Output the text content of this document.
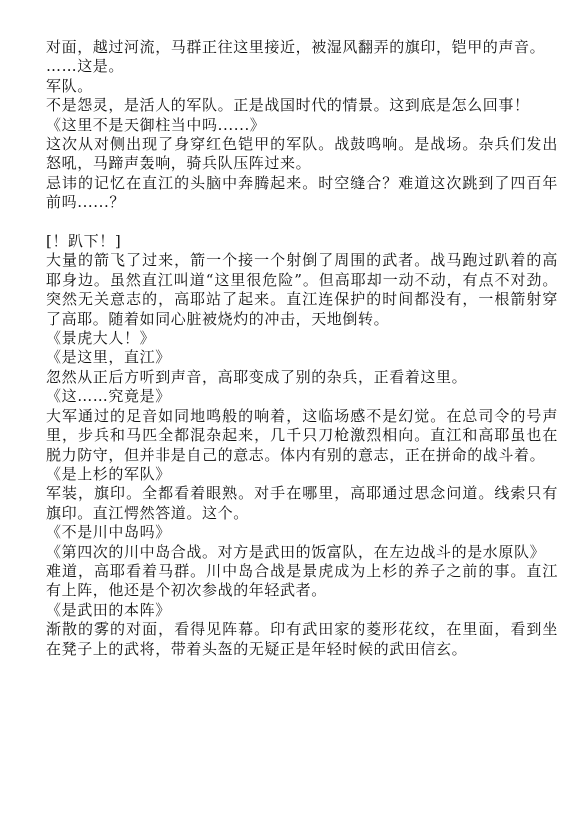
对面，越过河流，马群正往这里接近，被湿风翻弄的旗印，铠甲的声音。

……这是。

军队。

不是怨灵，是活人的军队。正是战国时代的情景。这到底是怎么回事！

《这里不是天御柱当中吗......》

这次从对侧出现了身穿红色铠甲的军队。战鼓鸣响。是战场。杂兵们发出怒吼，马蹄声轰响，骑兵队压阵过来。

忌讳的记忆在直江的头脑中奔腾起来。时空缝合？难道这次跳到了四百年前吗......？

[！趴下！]

大量的箭飞了过来，箭一个接一个射倒了周围的武者。战马跑过趴着的高耶身边。虽然直江叫道“这里很危险”。但高耶却一动不动，有点不对劲。突然无关意志的，高耶站了起来。直江连保护的时间都没有，一根箭射穿了高耶。随着如同心脏被烧灼的冲击，天地倒转。

《景虎大人！》

《是这里，直江》

忽然从正后方听到声音，高耶变成了别的杂兵，正看着这里。

《这……究竟是》

大军通过的足音如同地鸣般的响着，这临场感不是幻觉。在总司令的号声里，步兵和马匹全都混杂起来，几千只刀枪激烈相向。直江和高耶虽也在脱力防守，但并非是自己的意志。体内有别的意志，正在拼命的战斗着。

《是上杉的军队》

军装，旗印。全都看着眼熟。对手在哪里，高耶通过思念问道。线索只有旗印。直江愕然答道。这个。

《不是川中岛吗》

《第四次的川中岛合战。对方是武田的饭富队，在左边战斗的是水原队》

难道，高耶看着马群。川中岛合战是景虎成为上杉的养子之前的事。直江有上阵，他还是个初次参战的年轻武者。

《是武田的本阵》

渐散的雾的对面，看得见阵幕。印有武田家的菱形花纹，在里面，看到坐在凳子上的武将，带着头盔的无疑正是年轻时候的武田信玄。
